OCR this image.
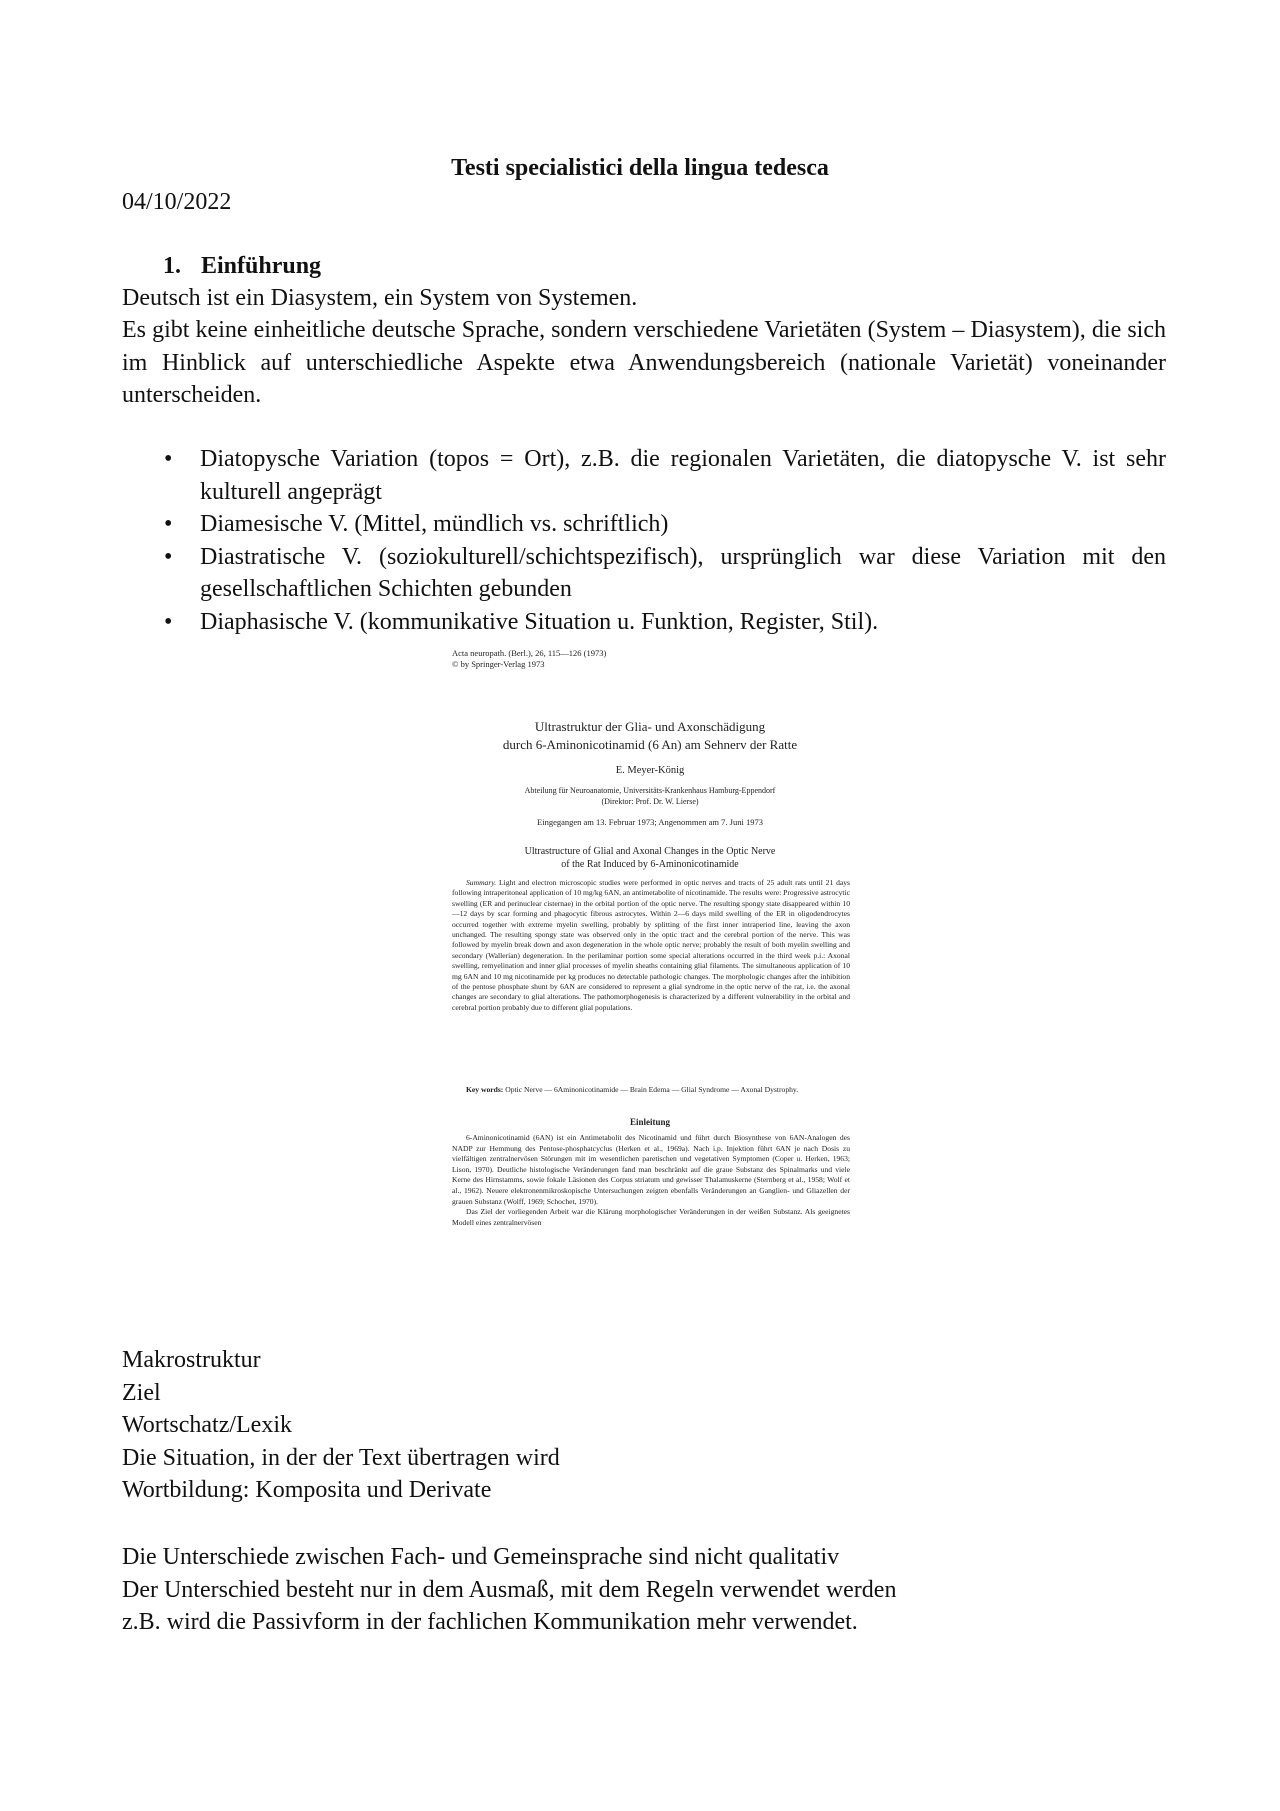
Testi specialistici della lingua tedesca
04/10/2022
1. Einführung
Deutsch ist ein Diasystem, ein System von Systemen.
Es gibt keine einheitliche deutsche Sprache, sondern verschiedene Varietäten (System – Diasystem), die sich im Hinblick auf unterschiedliche Aspekte etwa Anwendungsbereich (nationale Varietät) voneinander unterscheiden.
• Diatopysche Variation (topos = Ort), z.B. die regionalen Varietäten, die diatopysche V. ist sehr kulturell angeprägt
• Diamesische V. (Mittel, mündlich vs. schriftlich)
• Diastratische V. (soziokulturell/schichtspezifisch), ursprünglich war diese Variation mit den gesellschaftlichen Schichten gebunden
• Diaphasische V. (kommunikative Situation u. Funktion, Register, Stil).
Acta neuropath. (Berl.), 26, 115—126 (1973)
© by Springer-Verlag 1973
Ultrastruktur der Glia- und Axonschädigung
durch 6-Aminonicotinamid (6 An) am Sehnerv der Ratte
E. Meyer-König
Abteilung für Neuroanatomie, Universitäts-Krankenhaus Hamburg-Eppendorf
(Direktor: Prof. Dr. W. Lierse)
Eingegangen am 13. Februar 1973; Angenommen am 7. Juni 1973
Ultrastructure of Glial and Axonal Changes in the Optic Nerve
of the Rat Induced by 6-Aminonicotinamide
Summary. Light and electron microscopic studies were performed in optic nerves and tracts of 25 adult rats until 21 days following intraperitoneal application of 10 mg/kg 6AN, an antimetabolite of nicotinamide. The results were: Progressive astrocytic swelling (ER and perinuclear cisternae) in the orbital portion of the optic nerve. The resulting spongy state disappeared within 10—12 days by scar forming and phagocytic fibrous astrocytes. Within 2—6 days mild swelling of the ER in oligodendrocytes occurred together with extreme myelin swelling, probably by splitting of the first inner intraperiod line, leaving the axon unchanged. The resulting spongy state was observed only in the optic tract and the cerebral portion of the nerve. This was followed by myelin break down and axon degeneration in the whole optic nerve; probably the result of both myelin swelling and secondary (Wallerian) degeneration. In the perilaminar portion some special alterations occurred in the third week p.i.: Axonal swelling, remyelination and inner glial processes of myelin sheaths containing glial filaments. The simultaneous application of 10 mg 6AN and 10 mg nicotinamide per kg produces no detectable pathologic changes. The morphologic changes after the inhibition of the pentose phosphate shunt by 6AN are considered to represent a glial syndrome in the optic nerve of the rat, i.e. the axonal changes are secondary to glial alterations. The pathomorphogenesis is characterized by a different vulnerability in the orbital and cerebral portion probably due to different glial populations.
Key words: Optic Nerve — 6Aminonicotinamide — Brain Edema — Glial Syndrome — Axonal Dystrophy.
Einleitung
6-Aminonicotinamid (6AN) ist ein Antimetabolit des Nicotinamid und führt durch Biosynthese von 6AN-Analogen des NADP zur Hemmung des Pentose-phosphatcyclus (Herken et al., 1969a). Nach i.p. Injektion führt 6AN je nach Dosis zu vielfältigen zentralnervösen Störungen mit im wesentlichen paretischen und vegetativen Symptomen (Coper u. Herken, 1963; Lison, 1970). Deutliche histologische Veränderungen fand man beschränkt auf die graue Substanz des Spinalmarks und viele Kerne des Hirnstamms, sowie fokale Läsionen des Corpus striatum und gewisser Thalamuskerne (Sternberg et al., 1958; Wolf et al., 1962). Neuere elektronenmikroskopische Untersuchungen zeigten ebenfalls Veränderungen an Ganglien- und Gliazellen der grauen Substanz (Wolff, 1969; Schochet, 1970).
Das Ziel der vorliegenden Arbeit war die Klärung morphologischer Veränderungen in der weißen Substanz. Als geeignetes Modell eines zentralnervösen
Makrostruktur
Ziel
Wortschatz/Lexik
Die Situation, in der der Text übertragen wird
Wortbildung: Komposita und Derivate
Die Unterschiede zwischen Fach- und Gemeinsprache sind nicht qualitativ
Der Unterschied besteht nur in dem Ausmaß, mit dem Regeln verwendet werden
z.B. wird die Passivform in der fachlichen Kommunikation mehr verwendet.
